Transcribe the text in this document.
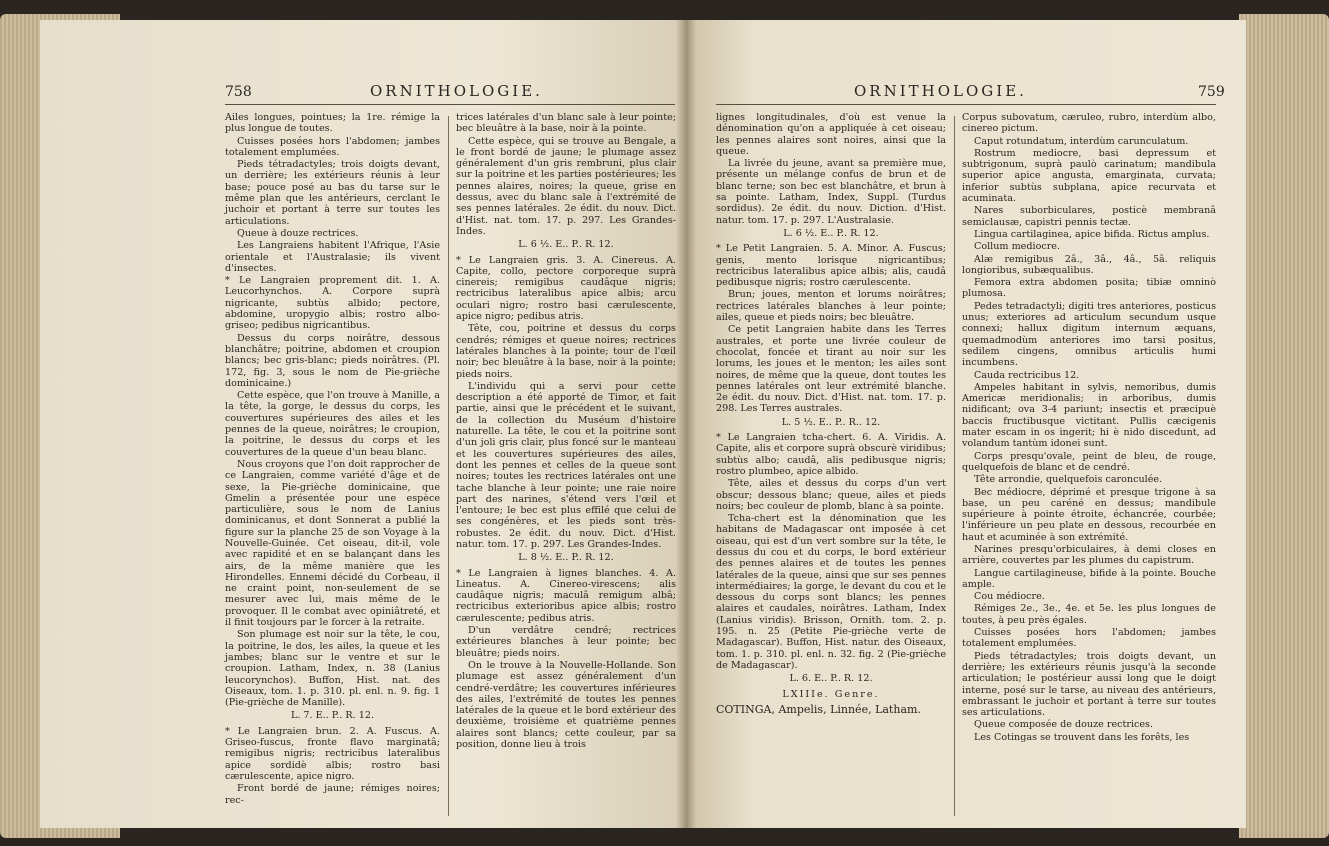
758	ORNITHOLOGIE.

Ailes longues, pointues; la 1re. rémige la plus longue de toutes.

Cuisses posées hors l'abdomen; jambes totalement emplumées.

Pieds tétradactyles; trois doigts devant, un derrière; les extérieurs réunis à leur base; pouce posé au bas du tarse sur le même plan que les antérieurs, cerclant le juchoir et portant à terre sur toutes les articulations.

Queue à douze rectrices.

Les Langraiens habitent l'Afrique, l'Asie orientale et l'Australasie; ils vivent d'insectes.

* Le Langraien proprement dit. 1. A. Leucorhynchos. A. Corpore suprà nigricante, subtùs albido; pectore, abdomine, uropygio albis; rostro albo-griseo; pedibus nigricantibus.

Dessus du corps noirâtre, dessous blanchâtre; poitrine, abdomen et croupion blancs; bec gris-blanc; pieds noirâtres. (Pl. 172, fig. 3, sous le nom de Pie-grièche dominicaine.)

Cette espèce, que l'on trouve à Manille, a la tête, la gorge, le dessus du corps, les couvertures supérieures des ailes et les pennes de la queue, noirâtres; le croupion, la poitrine, le dessus du corps et les couvertures de la queue d'un beau blanc.

Nous croyons que l'on doit rapprocher de ce Langraien, comme variété d'âge et de sexe, la Pie-grièche dominicaine, que Gmelin a présentée pour une espèce particulière, sous le nom de Lanius dominicanus, et dont Sonnerat a publié la figure sur la planche 25 de son Voyage à la Nouvelle-Guinée. Cet oiseau, dit-il, vole avec rapidité et en se balançant dans les airs, de la même manière que les Hirondelles. Ennemi décidé du Corbeau, il ne craint point, non-seulement de se mesurer avec lui, mais même de le provoquer. Il le combat avec opiniâtreté, et il finit toujours par le forcer à la retraite.

Son plumage est noir sur la tête, le cou, la poitrine, le dos, les ailes, la queue et les jambes; blanc sur le ventre et sur le croupion. Latham, Index, n. 38 (Lanius leucorynchos). Buffon, Hist. nat. des Oiseaux, tom. 1. p. 310. pl. enl. n. 9. fig. 1 (Pie-grièche de Manille).

L. 7. E.. P.. R. 12.

* Le Langraien brun. 2. A. Fuscus. A. Griseo-fuscus, fronte flavo marginatâ; remigibus nigris; rectricibus lateralibus apice sordidè albis; rostro basi cærulescente, apice nigro.

Front bordé de jaune; rémiges noires; rec-

trices latérales d'un blanc sale à leur pointe; bec bleuâtre à la base, noir à la pointe.

Cette espèce, qui se trouve au Bengale, a le front bordé de jaune; le plumage assez généralement d'un gris rembruni, plus clair sur la poitrine et les parties postérieures; les pennes alaires, noires; la queue, grise en dessus, avec du blanc sale à l'extrémité de ses pennes latérales. 2e édit. du nouv. Dict. d'Hist. nat. tom. 17. p. 297. Les Grandes-Indes.

L. 6 ½. E.. P.. R. 12.

* Le Langraien gris. 3. A. Cinereus. A. Capite, collo, pectore corporeque suprà cinereis; remigibus caudâque nigris; rectricibus lateralibus apice albis; arcu oculari nigro; rostro basi cærulescente, apice nigro; pedibus atris.

Tête, cou, poitrine et dessus du corps cendrés; rémiges et queue noires; rectrices latérales blanches à la pointe; tour de l'œil noir; bec bleuâtre à la base, noir à la pointe; pieds noirs.

L'individu qui a servi pour cette description a été apporté de Timor, et fait partie, ainsi que le précédent et le suivant, de la collection du Muséum d'histoire naturelle. La tête, le cou et la poitrine sont d'un joli gris clair, plus foncé sur le manteau et les couvertures supérieures des ailes, dont les pennes et celles de la queue sont noires; toutes les rectrices latérales ont une tache blanche à leur pointe; une raie noire part des narines, s'étend vers l'œil et l'entoure; le bec est plus effilé que celui de ses congénères, et les pieds sont très-robustes. 2e édit. du nouv. Dict. d'Hist. natur. tom. 17. p. 297. Les Grandes-Indes.

L. 8 ½. E.. P.. R. 12.

* Le Langraien à lignes blanches. 4. A. Lineatus. A. Cinereo-virescens; alis caudâque nigris; maculâ remigum albâ; rectricibus exterioribus apice albis; rostro cærulescente; pedibus atris.

D'un verdâtre cendré; rectrices extérieures blanches à leur pointe; bec bleuâtre; pieds noirs.

On le trouve à la Nouvelle-Hollande. Son plumage est assez généralement d'un cendré-verdâtre; les couvertures inférieures des ailes, l'extrémité de toutes les pennes latérales de la queue et le bord extérieur des deuxième, troisième et quatrième pennes alaires sont blancs; cette couleur, par sa position, donne lieu à trois

ORNITHOLOGIE.	759

lignes longitudinales, d'où est venue la dénomination qu'on a appliquée à cet oiseau; les pennes alaires sont noires, ainsi que la queue.

La livrée du jeune, avant sa première mue, présente un mélange confus de brun et de blanc terne; son bec est blanchâtre, et brun à sa pointe. Latham, Index, Suppl. (Turdus sordidus). 2e édit. du nouv. Diction. d'Hist. natur. tom. 17. p. 297. L'Australasie.

L. 6 ½. E.. P.. R. 12.

* Le Petit Langraien. 5. A. Minor. A. Fuscus; genis, mento lorisque nigricantibus; rectricibus lateralibus apice albis; alis, caudâ pedibusque nigris; rostro cærulescente.

Brun; joues, menton et lorums noirâtres; rectrices latérales blanches à leur pointe; ailes, queue et pieds noirs; bec bleuâtre.

Ce petit Langraien habite dans les Terres australes, et porte une livrée couleur de chocolat, foncée et tirant au noir sur les lorums, les joues et le menton; les ailes sont noires, de même que la queue, dont toutes les pennes latérales ont leur extrémité blanche. 2e édit. du nouv. Dict. d'Hist. nat. tom. 17. p. 298. Les Terres australes.

L. 5 ½. E.. P.. R.. 12.

* Le Langraien tcha-chert. 6. A. Viridis. A. Capite, alis et corpore suprà obscurè viridibus; subtùs albo; caudâ, alis pedibusque nigris; rostro plumbeo, apice albido.

Tête, ailes et dessus du corps d'un vert obscur; dessous blanc; queue, ailes et pieds noirs; bec couleur de plomb, blanc à sa pointe.

Tcha-chert est la dénomination que les habitans de Madagascar ont imposée à cet oiseau, qui est d'un vert sombre sur la tête, le dessus du cou et du corps, le bord extérieur des pennes alaires et de toutes les pennes latérales de la queue, ainsi que sur ses pennes intermédiaires; la gorge, le devant du cou et le dessous du corps sont blancs; les pennes alaires et caudales, noirâtres. Latham, Index (Lanius viridis). Brisson, Ornith. tom. 2. p. 195. n. 25 (Petite Pie-grièche verte de Madagascar). Buffon, Hist. natur. des Oiseaux, tom. 1. p. 310. pl. enl. n. 32. fig. 2 (Pie-grièche de Madagascar).

L. 6. E.. P.. R. 12.

LXIIIe. Genre.

COTINGA, Ampelis, Linnée, Latham.

Corpus subovatum, cæruleo, rubro, interdùm albo, cinereo pictum.

Caput rotundatum, interdùm carunculatum.

Rostrum mediocre, basi depressum et subtrigonum, suprà paulò carinatum; mandibula superior apice angusta, emarginata, curvata; inferior subtùs subplana, apice recurvata et acuminata.

Nares suborbiculares, posticè membranâ semiclausæ, capistri pennis tectæ.

Lingua cartilaginea, apice bifida. Rictus amplus.

Collum mediocre.

Alæ remigibus 2â., 3â., 4â., 5â. reliquis longioribus, subæqualibus.

Femora extra abdomen posita; tibiæ omninò plumosa.

Pedes tetradactyli; digiti tres anteriores, posticus unus; exteriores ad articulum secundum usque connexi; hallux digitum internum æquans, quemadmodùm anteriores imo tarsi positus, sedilem cingens, omnibus articulis humi incumbens.

Cauda rectricibus 12.

Ampeles habitant in sylvis, nemoribus, dumis Americæ meridionalis; in arboribus, dumis nidificant; ova 3-4 pariunt; insectis et præcipuè baccis fructibusque victitant. Pullis cæcigenis mater escam in os ingerit; hi è nido discedunt, ad volandum tantùm idonei sunt.

Corps presqu'ovale, peint de bleu, de rouge, quelquefois de blanc et de cendré.

Tête arrondie, quelquefois caronculée.

Bec médiocre, déprimé et presque trigone à sa base, un peu caréné en dessus; mandibule supérieure à pointe étroite, échancrée, courbée; l'inférieure un peu plate en dessous, recourbée en haut et acuminée à son extrémité.

Narines presqu'orbiculaires, à demi closes en arrière, couvertes par les plumes du capistrum.

Langue cartilagineuse, bifide à la pointe. Bouche ample.

Cou médiocre.

Rémiges 2e., 3e., 4e. et 5e. les plus longues de toutes, à peu près égales.

Cuisses posées hors l'abdomen; jambes totalement emplumées.

Pieds tétradactyles; trois doigts devant, un derrière; les extérieurs réunis jusqu'à la seconde articulation; le postérieur aussi long que le doigt interne, posé sur le tarse, au niveau des antérieurs, embrassant le juchoir et portant à terre sur toutes ses articulations.

Queue composée de douze rectrices.

Les Cotingas se trouvent dans les forêts, les
